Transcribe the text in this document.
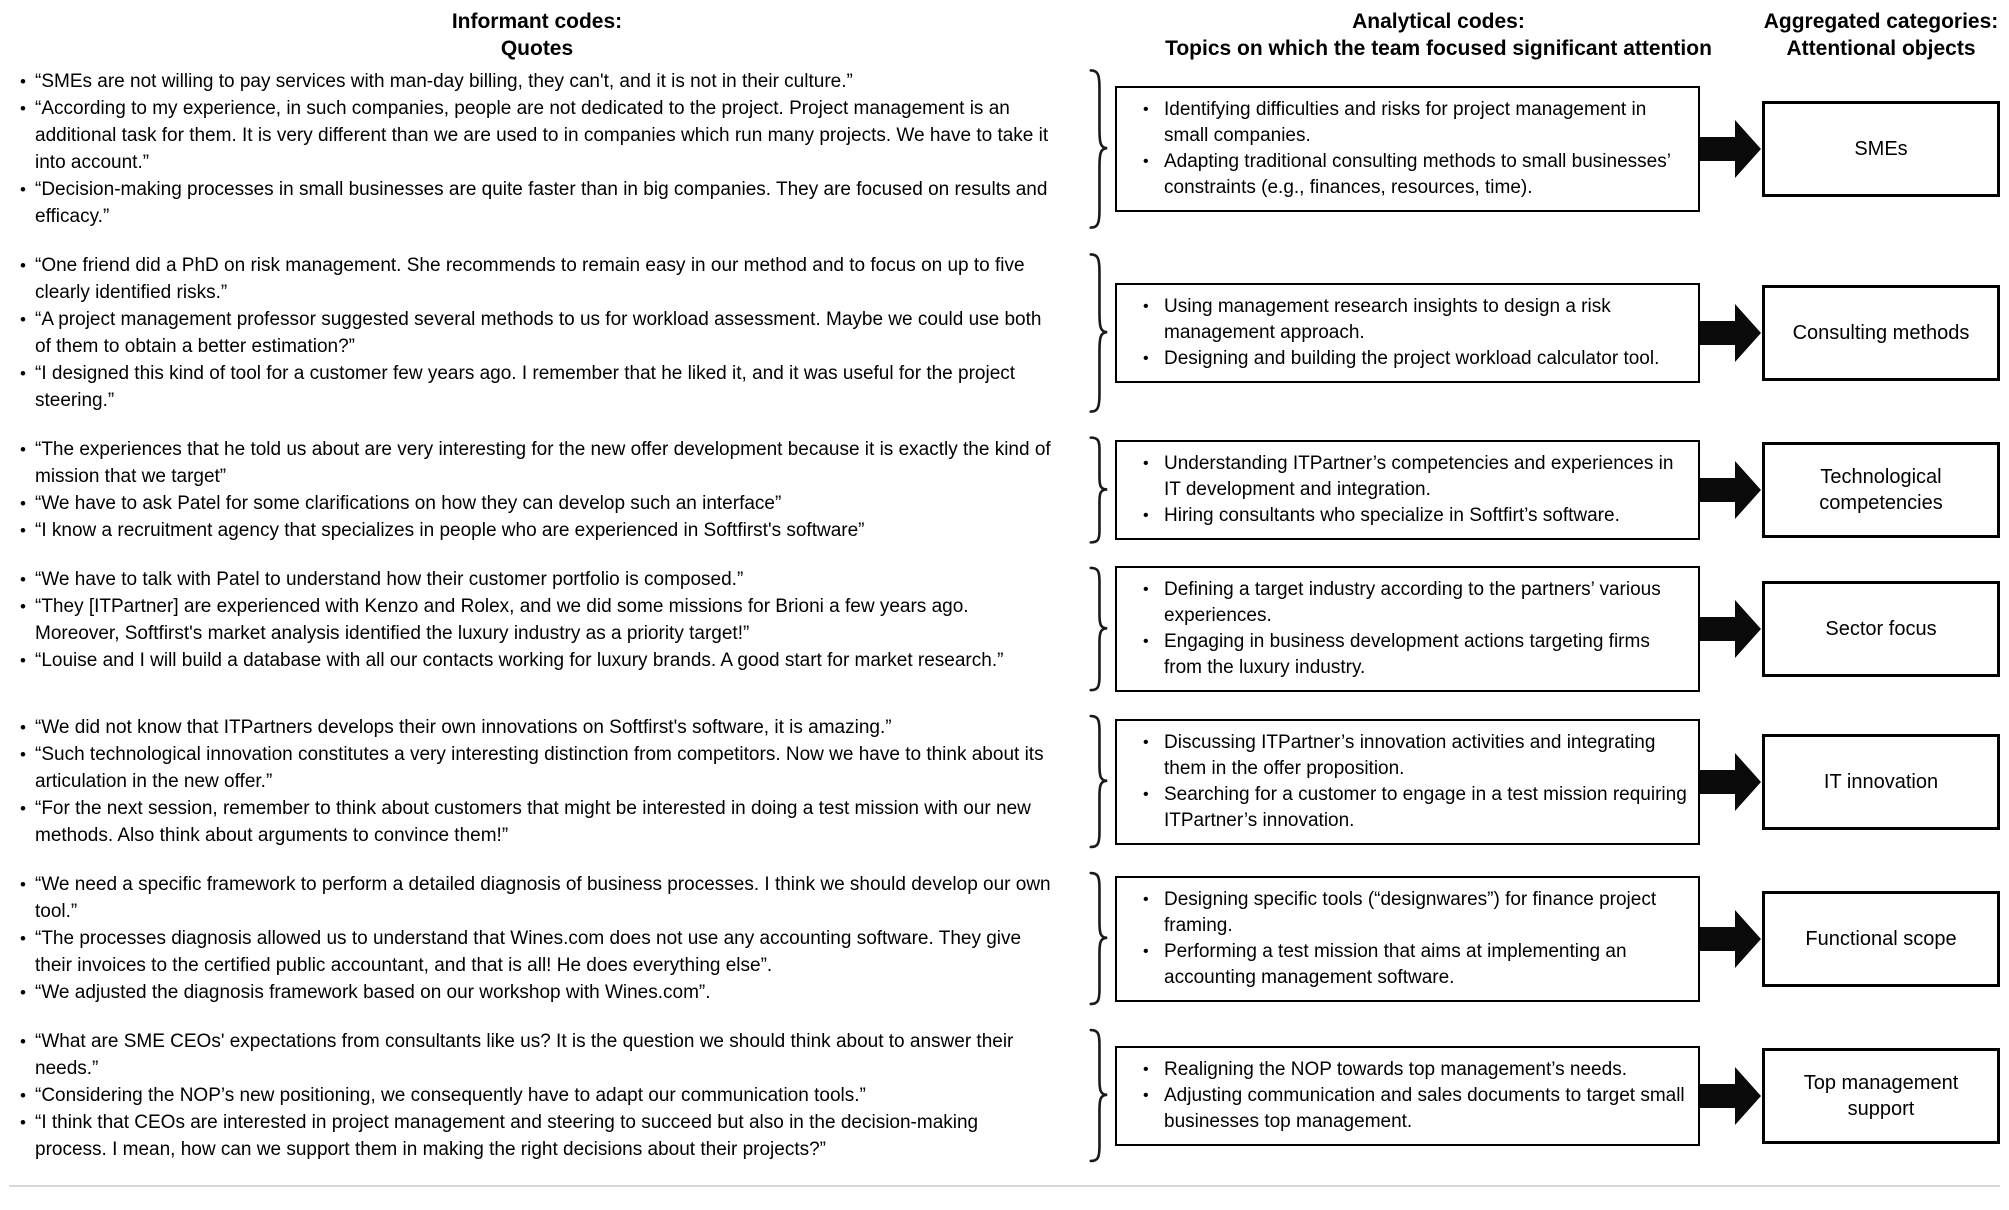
Informant codes:
Quotes
Analytical codes:
Topics on which the team focused significant attention
Aggregated categories:
Attentional objects
• “SMEs are not willing to pay services with man-day billing, they can't, and it is not in their culture.”
• “According to my experience, in such companies, people are not dedicated to the project. Project management is an additional task for them. It is very different than we are used to in companies which run many projects. We have to take it into account.”
• “Decision-making processes in small businesses are quite faster than in big companies. They are focused on results and efficacy.”
• Identifying difficulties and risks for project management in small companies.
• Adapting traditional consulting methods to small businesses’ constraints (e.g., finances, resources, time).
SMEs
• “One friend did a PhD on risk management. She recommends to remain easy in our method and to focus on up to five clearly identified risks.”
• “A project management professor suggested several methods to us for workload assessment. Maybe we could use both of them to obtain a better estimation?”
• “I designed this kind of tool for a customer few years ago. I remember that he liked it, and it was useful for the project steering.”
• Using management research insights to design a risk management approach.
• Designing and building the project workload calculator tool.
Consulting methods
• “The experiences that he told us about are very interesting for the new offer development because it is exactly the kind of mission that we target”
• “We have to ask Patel for some clarifications on how they can develop such an interface”
• “I know a recruitment agency that specializes in people who are experienced in Softfirst's software”
• Understanding ITPartner’s competencies and experiences in IT development and integration.
• Hiring consultants who specialize in Softfirt’s software.
Technological competencies
• “We have to talk with Patel to understand how their customer portfolio is composed.”
• “They [ITPartner] are experienced with Kenzo and Rolex, and we did some missions for Brioni a few years ago. Moreover, Softfirst's market analysis identified the luxury industry as a priority target!”
• “Louise and I will build a database with all our contacts working for luxury brands. A good start for market research.”
• Defining a target industry according to the partners’ various experiences.
• Engaging in business development actions targeting firms from the luxury industry.
Sector focus
• “We did not know that ITPartners develops their own innovations on Softfirst's software, it is amazing.”
• “Such technological innovation constitutes a very interesting distinction from competitors. Now we have to think about its articulation in the new offer.”
• “For the next session, remember to think about customers that might be interested in doing a test mission with our new methods. Also think about arguments to convince them!”
• Discussing ITPartner’s innovation activities and integrating them in the offer proposition.
• Searching for a customer to engage in a test mission requiring ITPartner’s innovation.
IT innovation
• “We need a specific framework to perform a detailed diagnosis of business processes. I think we should develop our own tool.”
• “The processes diagnosis allowed us to understand that Wines.com does not use any accounting software. They give their invoices to the certified public accountant, and that is all! He does everything else”.
• “We adjusted the diagnosis framework based on our workshop with Wines.com”.
• Designing specific tools (“designwares”) for finance project framing.
• Performing a test mission that aims at implementing an accounting management software.
Functional scope
• “What are SME CEOs' expectations from consultants like us? It is the question we should think about to answer their needs.”
• “Considering the NOP’s new positioning, we consequently have to adapt our communication tools.”
• “I think that CEOs are interested in project management and steering to succeed but also in the decision-making process. I mean, how can we support them in making the right decisions about their projects?”
• Realigning the NOP towards top management’s needs.
• Adjusting communication and sales documents to target small businesses top management.
Top management support
